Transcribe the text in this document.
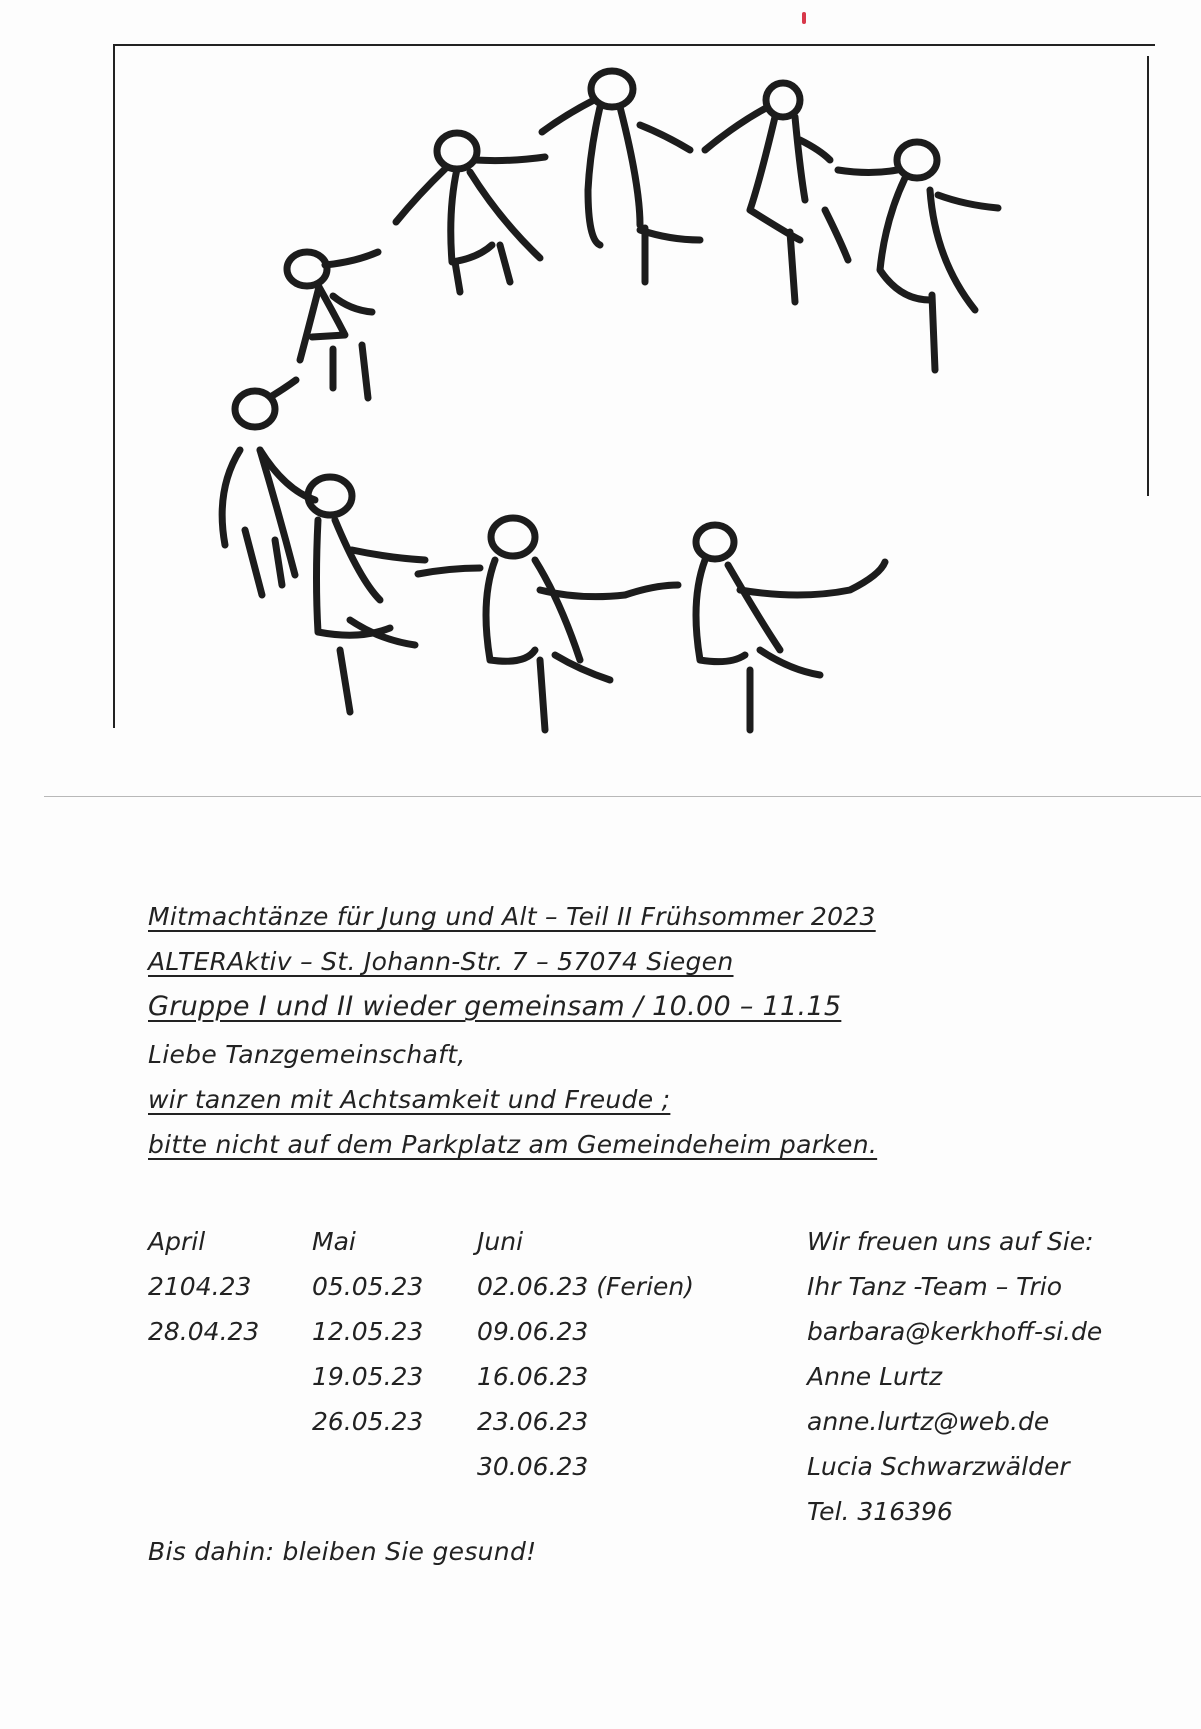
Mitmachtänze für Jung und Alt – Teil II Frühsommer 2023
ALTERAktiv – St. Johann-Str. 7 – 57074 Siegen
Gruppe I und II wieder gemeinsam / 10.00 – 11.15
Liebe Tanzgemeinschaft,
wir tanzen mit Achtsamkeit und Freude ;
bitte nicht auf dem Parkplatz am Gemeindeheim parken.
April
2104.23
28.04.23
Mai
05.05.23
12.05.23
19.05.23
26.05.23
Juni
02.06.23 (Ferien)
09.06.23
16.06.23
23.06.23
30.06.23
Wir freuen uns auf Sie:
Ihr Tanz -Team – Trio
barbara@kerkhoff-si.de
Anne Lurtz
anne.lurtz@web.de
Lucia Schwarzwälder
Tel. 316396
Bis dahin: bleiben Sie gesund!
